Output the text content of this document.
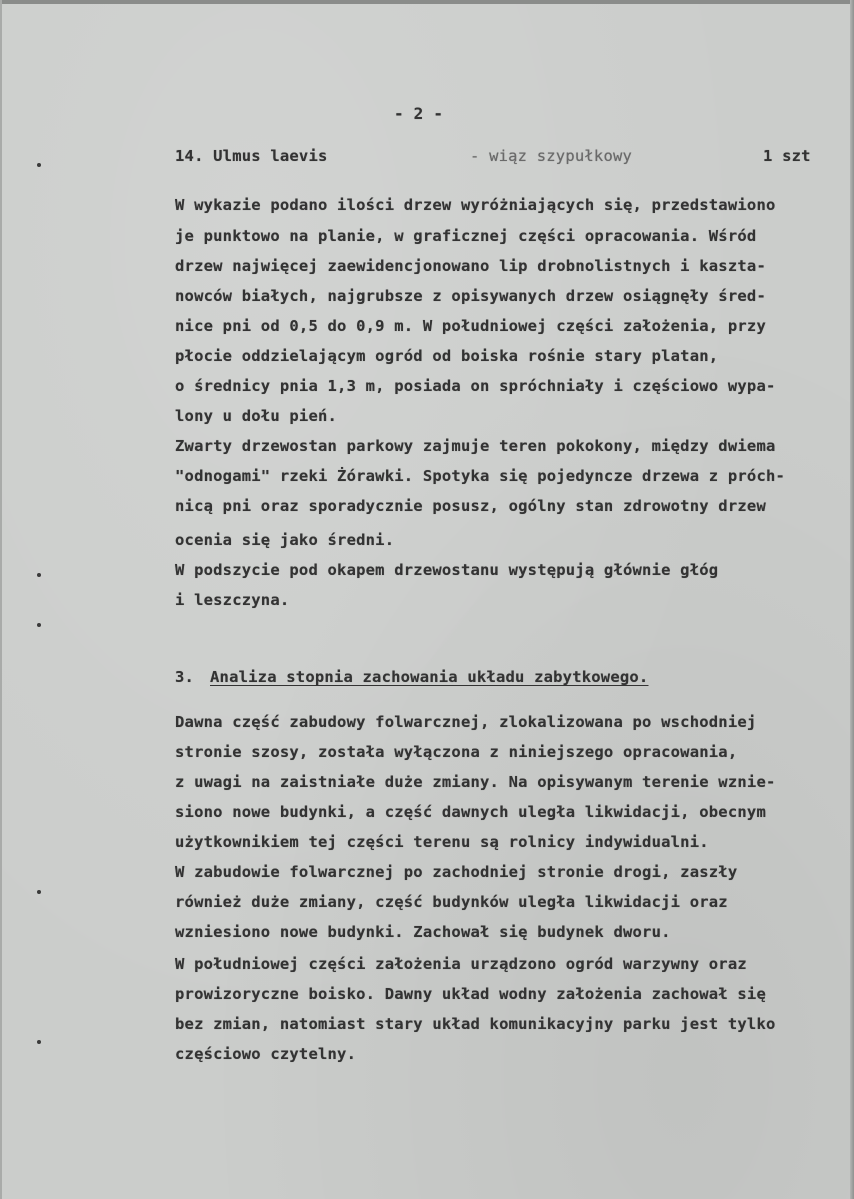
- 2 -
14. Ulmus laevis	- wiąz szypułkowy	1 szt
W wykazie podano ilości drzew wyróżniających się, przedstawiono
je punktowo na planie, w graficznej części opracowania. Wśród
drzew najwięcej zaewidencjonowano lip drobnolistnych i kaszta-
nowców białych, najgrubsze z opisywanych drzew osiągnęły śred-
nice pni od 0,5 do 0,9 m. W południowej części założenia, przy
płocie oddzielającym ogród od boiska rośnie stary platan,
o średnicy pnia 1,3 m, posiada on spróchniały i częściowo wypa-
lony u dołu pień.
Zwarty drzewostan parkowy zajmuje teren pokokony, między dwiema
"odnogami" rzeki Żórawki. Spotyka się pojedyncze drzewa z próch-
nicą pni oraz sporadycznie posusz, ogólny stan zdrowotny drzew
ocenia się jako średni.
W podszycie pod okapem drzewostanu występują głównie głóg
i leszczyna.
3. Analiza stopnia zachowania układu zabytkowego.
Dawna część zabudowy folwarcznej, zlokalizowana po wschodniej
stronie szosy, została wyłączona z niniejszego opracowania,
z uwagi na zaistniałe duże zmiany. Na opisywanym terenie wznie-
siono nowe budynki, a część dawnych uległa likwidacji, obecnym
użytkownikiem tej części terenu są rolnicy indywidualni.
W zabudowie folwarcznej po zachodniej stronie drogi, zaszły
również duże zmiany, część budynków uległa likwidacji oraz
wzniesiono nowe budynki. Zachował się budynek dworu.
W południowej części założenia urządzono ogród warzywny oraz
prowizoryczne boisko. Dawny układ wodny założenia zachował się
bez zmian, natomiast stary układ komunikacyjny parku jest tylko
częściowo czytelny.
